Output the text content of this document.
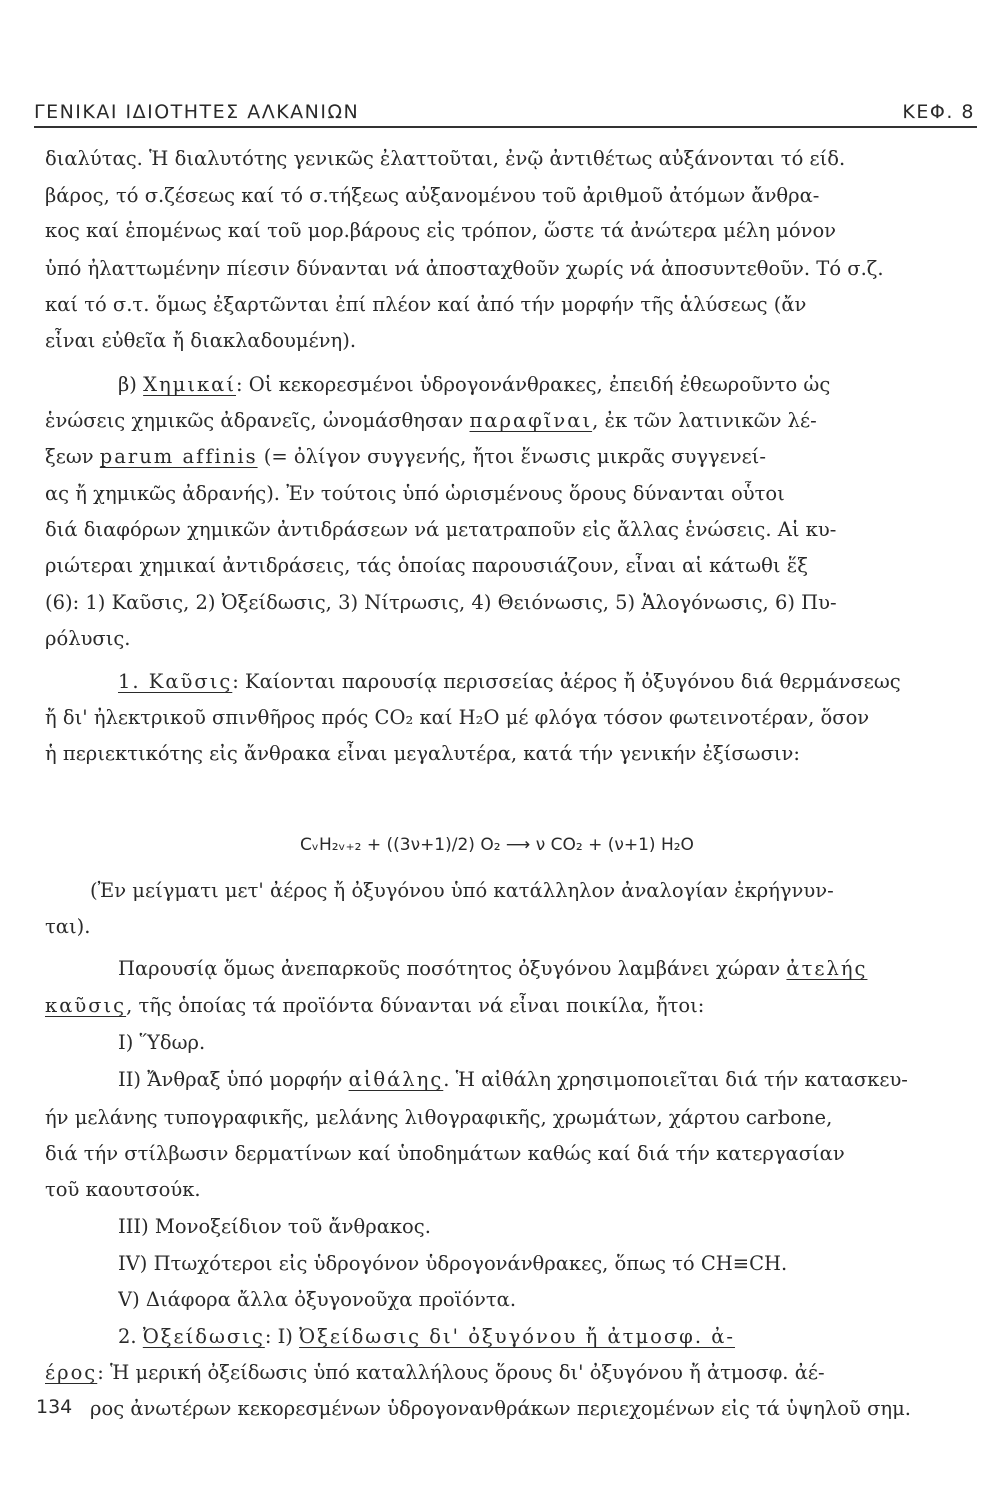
ΓΕΝΙΚΑΙ ΙΔΙΟΤΗΤΕΣ ΑΛΚΑΝΙΩΝ	ΚΕΦ. 8
διαλύτας. Ἡ διαλυτότης γενικῶς ἐλαττοῦται, ἐνῷ ἀντιθέτως αὐξάνονται τό είδ.
βάρος, τό σ.ζέσεως καί τό σ.τήξεως αὐξανομένου τοῦ ἀριθμοῦ ἀτόμων ἄνθρα-
κος καί ἑπομένως καί τοῦ μορ.βάρους εἰς τρόπον, ὥστε τά ἀνώτερα μέλη μόνον
ὑπό ἠλαττωμένην πίεσιν δύνανται νά ἀποσταχθοῦν χωρίς νά ἀποσυντεθοῦν. Τό σ.ζ.
καί τό σ.τ. ὅμως ἐξαρτῶνται ἐπί πλέον καί ἀπό τήν μορφήν τῆς ἁλύσεως (ἄν
εἶναι εὐθεῖα ἤ διακλαδουμένη).
β) Χημικαί: Οἱ κεκορεσμένοι ὑδρογονάνθρακες, ἐπειδή ἐθεωροῦντο ὡς
ἑνώσεις χημικῶς ἀδρανεῖς, ὠνομάσθησαν παραφῖναι, ἐκ τῶν λατινικῶν λέ-
ξεων parum affinis (= ὀλίγον συγγενής, ἤτοι ἕνωσις μικρᾶς συγγενεί-
ας ἤ χημικῶς ἀδρανής). Ἐν τούτοις ὑπό ὡρισμένους ὅρους δύνανται οὗτοι
διά διαφόρων χημικῶν ἀντιδράσεων νά μετατραποῦν εἰς ἄλλας ἑνώσεις. Αἱ κυ-
ριώτεραι χημικαί ἀντιδράσεις, τάς ὁποίας παρουσιάζουν, εἶναι αἱ κάτωθι ἕξ
(6): 1) Καῦσις, 2) Ὀξείδωσις, 3) Νίτρωσις, 4) Θειόνωσις, 5) Ἁλογόνωσις, 6) Πυ-
ρόλυσις.
1. Καῦσις: Καίονται παρουσίᾳ περισσείας ἀέρος ἤ ὀξυγόνου διά θερμάνσεως
ἤ δι' ἠλεκτρικοῦ σπινθῆρος πρός CO₂ καί H₂O μέ φλόγα τόσον φωτεινοτέραν, ὅσον
ἡ περιεκτικότης εἰς ἄνθρακα εἶναι μεγαλυτέρα, κατά τήν γενικήν ἐξίσωσιν:
CᵥH₂ᵥ₊₂ + ((3ν+1)/2) O₂ ⟶ ν CO₂ + (ν+1) H₂O
(Ἐν μείγματι μετ' ἀέρος ἤ ὀξυγόνου ὑπό κατάλληλον ἀναλογίαν ἐκρήγνυν-
ται).
Παρουσίᾳ ὅμως ἀνεπαρκοῦς ποσότητος ὀξυγόνου λαμβάνει χώραν ἀτελής
καῦσις, τῆς ὁποίας τά προϊόντα δύνανται νά εἶναι ποικίλα, ἤτοι:
I) Ὕδωρ.
II) Ἄνθραξ ὑπό μορφήν αἰθάλης. Ἡ αἰθάλη χρησιμοποιεῖται διά τήν κατασκευ-
ήν μελάνης τυπογραφικῆς, μελάνης λιθογραφικῆς, χρωμάτων, χάρτου carbone,
διά τήν στίλβωσιν δερματίνων καί ὑποδημάτων καθώς καί διά τήν κατεργασίαν
τοῦ καουτσούκ.
III) Μονοξείδιον τοῦ ἄνθρακος.
IV) Πτωχότεροι εἰς ὑδρογόνον ὑδρογονάνθρακες, ὅπως τό CH≡CH.
V) Διάφορα ἄλλα ὀξυγονοῦχα προϊόντα.
2. Ὀξείδωσις: I) Ὀξείδωσις δι' ὀξυγόνου ἤ ἀτμοσφ. ἀ-
έρος: Ἡ μερική ὀξείδωσις ὑπό καταλλήλους ὅρους δι' ὀξυγόνου ἤ ἀτμοσφ. ἀέ-
ρος ἀνωτέρων κεκορεσμένων ὑδρογονανθράκων περιεχομένων εἰς τά ὑψηλοῦ σημ.
134
